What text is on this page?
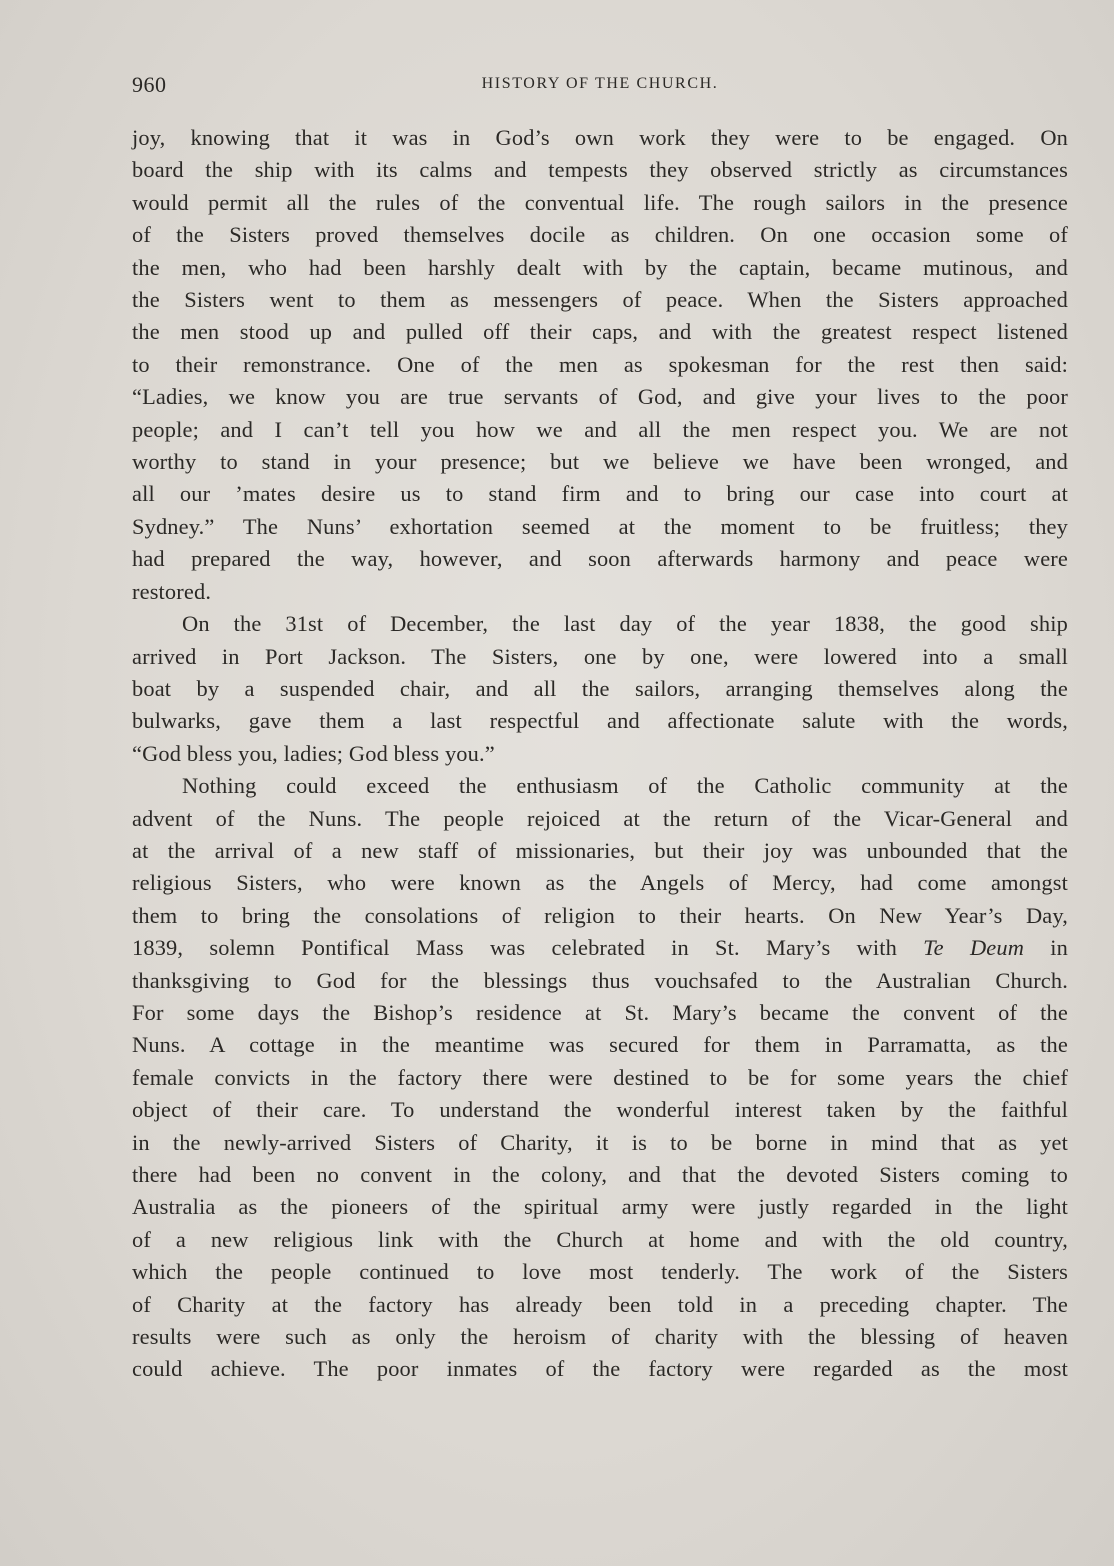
960	HISTORY OF THE CHURCH.

joy, knowing that it was in God’s own work they were to be engaged. On

board the ship with its calms and tempests they observed strictly as circumstances

would permit all the rules of the conventual life. The rough sailors in the presence

of the Sisters proved themselves docile as children. On one occasion some of

the men, who had been harshly dealt with by the captain, became mutinous, and

the Sisters went to them as messengers of peace. When the Sisters approached

the men stood up and pulled off their caps, and with the greatest respect listened

to their remonstrance. One of the men as spokesman for the rest then said:

“Ladies, we know you are true servants of God, and give your lives to the poor

people; and I can’t tell you how we and all the men respect you. We are not

worthy to stand in your presence; but we believe we have been wronged, and

all our ’mates desire us to stand firm and to bring our case into court at

Sydney.” The Nuns’ exhortation seemed at the moment to be fruitless; they

had prepared the way, however, and soon afterwards harmony and peace were

restored.

On the 31st of December, the last day of the year 1838, the good ship

arrived in Port Jackson. The Sisters, one by one, were lowered into a small

boat by a suspended chair, and all the sailors, arranging themselves along the

bulwarks, gave them a last respectful and affectionate salute with the words,

“God bless you, ladies; God bless you.”

Nothing could exceed the enthusiasm of the Catholic community at the

advent of the Nuns. The people rejoiced at the return of the Vicar-General and

at the arrival of a new staff of missionaries, but their joy was unbounded that the

religious Sisters, who were known as the Angels of Mercy, had come amongst

them to bring the consolations of religion to their hearts. On New Year’s Day,

1839, solemn Pontifical Mass was celebrated in St. Mary’s with Te Deum in

thanksgiving to God for the blessings thus vouchsafed to the Australian Church.

For some days the Bishop’s residence at St. Mary’s became the convent of the

Nuns. A cottage in the meantime was secured for them in Parramatta, as the

female convicts in the factory there were destined to be for some years the chief

object of their care. To understand the wonderful interest taken by the faithful

in the newly-arrived Sisters of Charity, it is to be borne in mind that as yet

there had been no convent in the colony, and that the devoted Sisters coming to

Australia as the pioneers of the spiritual army were justly regarded in the light

of a new religious link with the Church at home and with the old country,

which the people continued to love most tenderly. The work of the Sisters

of Charity at the factory has already been told in a preceding chapter. The

results were such as only the heroism of charity with the blessing of heaven

could achieve. The poor inmates of the factory were regarded as the most
